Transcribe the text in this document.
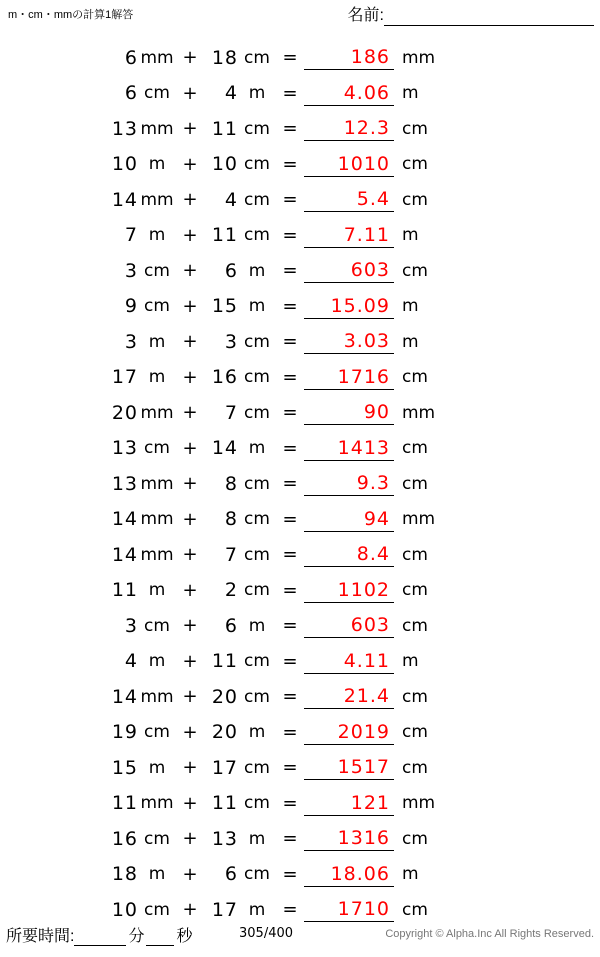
m・cm・mmの計算1解答	名前:
6 mm + 18 cm =	186 mm
6 cm +	4 m =	4.06 m
13 mm + 11 cm =	12.3 cm
10 m + 10 cm =	1010 cm
14 mm +	4 cm =	5.4 cm
7 m + 11 cm =	7.11 m
3 cm +	6 m =	603 cm
9 cm + 15 m =	15.09 m
3 m +	3 cm =	3.03 m
17 m + 16 cm =	1716 cm
20 mm +	7 cm =	90 mm
13 cm + 14 m =	1413 cm
13 mm +	8 cm =	9.3 cm
14 mm +	8 cm =	94 mm
14 mm +	7 cm =	8.4 cm
11 m +	2 cm =	1102 cm
3 cm +	6 m =	603 cm
4 m + 11 cm =	4.11 m
14 mm + 20 cm =	21.4 cm
19 cm + 20 m =	2019 cm
15 m + 17 cm =	1517 cm
11 mm + 11 cm =	121 mm
16 cm + 13 m =	1316 cm
18 m +	6 cm =	18.06 m
10 cm + 17 m =	1710 cm
所要時間:	分 秒	305/400	Copyright © Alpha.Inc All Rights Reserved.
